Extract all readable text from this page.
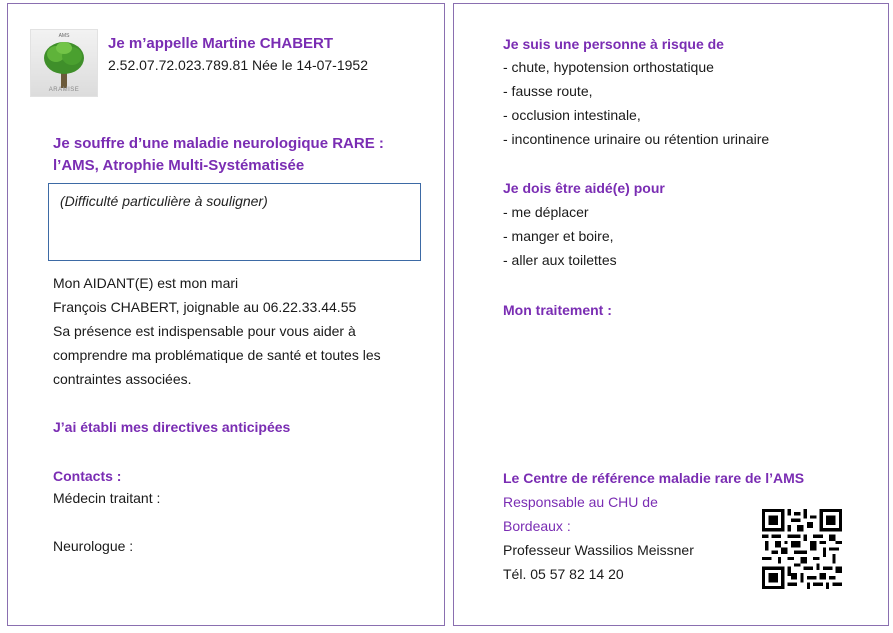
AMS
ARAMISE
Je m’appelle Martine CHABERT
2.52.07.72.023.789.81 Née le 14-07-1952
Je souffre d’une maladie neurologique RARE :
l’AMS, Atrophie Multi-Systématisée
(Difficulté particulière à souligner)
Mon AIDANT(E) est mon mari
François CHABERT, joignable au 06.22.33.44.55
Sa présence est indispensable pour vous aider à
comprendre ma problématique de santé et toutes les
contraintes associées.
J’ai établi mes directives anticipées
Contacts :
Médecin traitant :
Neurologue :
Je suis une personne à risque de
- chute, hypotension orthostatique
- fausse route,
- occlusion intestinale,
- incontinence urinaire ou rétention urinaire
Je dois être aidé(e) pour
- me déplacer
- manger et boire,
- aller aux toilettes
Mon traitement :
Le Centre de référence maladie rare de l’AMS
Responsable au CHU de
Bordeaux :
Professeur Wassilios Meissner
Tél. 05 57 82 14 20
